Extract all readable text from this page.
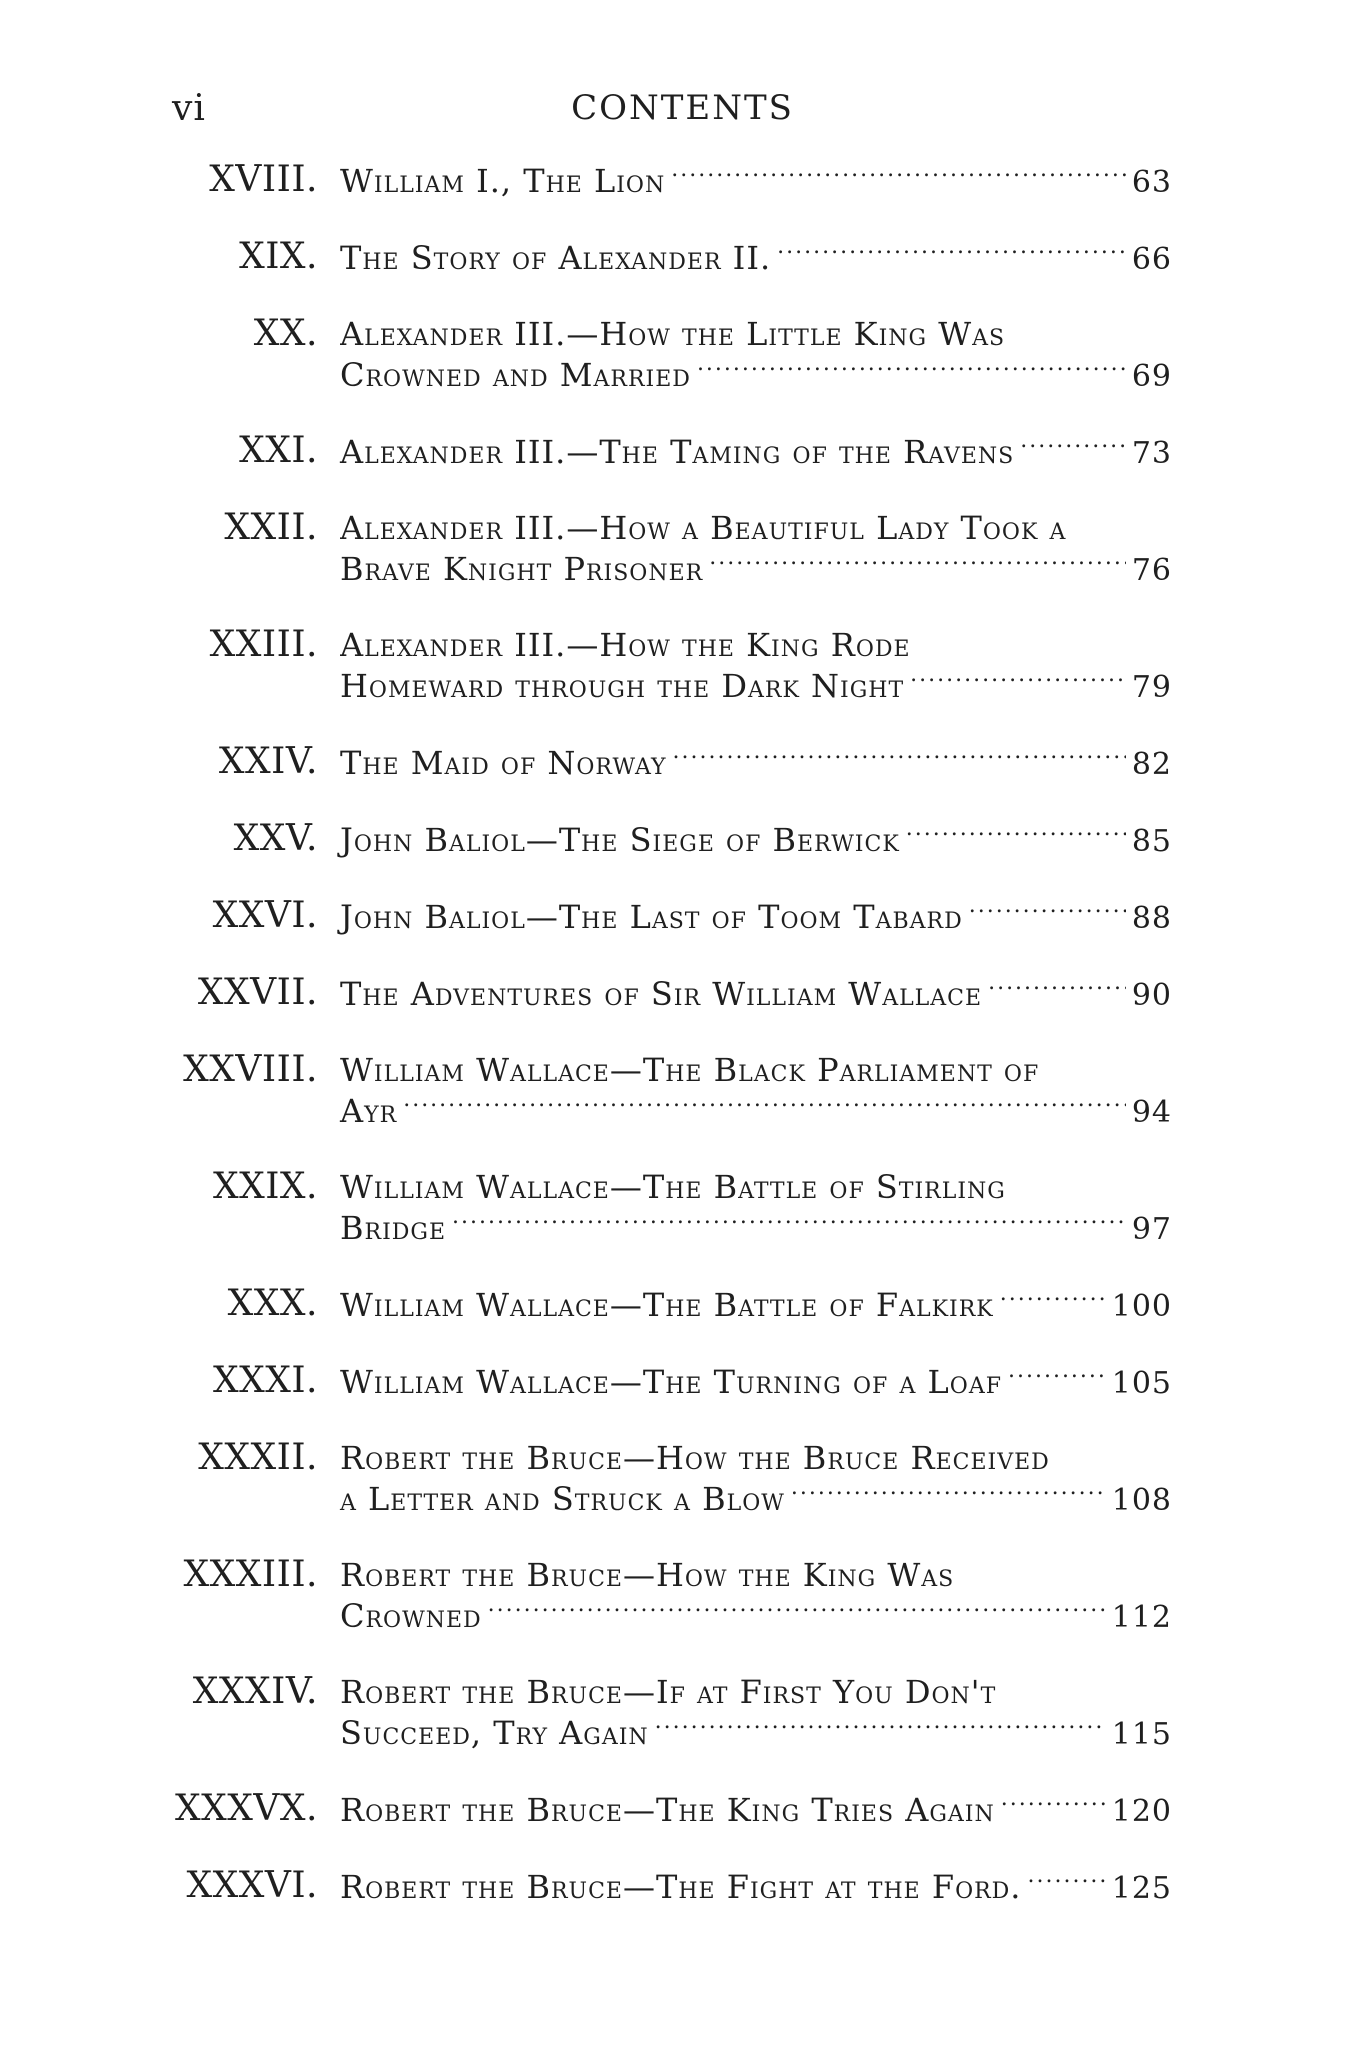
vi	CONTENTS
XVIII. William I., The Lion .....	63
XIX. The Story of Alexander II. .....	66
XX. Alexander III.—How the Little King Was
Crowned and Married .....	69
XXI. Alexander III.—The Taming of the Ravens .....	73
XXII. Alexander III.—How a Beautiful Lady Took a
Brave Knight Prisoner .....	76
XXIII. Alexander III.—How the King Rode
Homeward through the Dark Night .....	79
XXIV. The Maid of Norway .....	82
XXV. John Baliol—The Siege of Berwick .....	85
XXVI. John Baliol—The Last of Toom Tabard .....	88
XXVII. The Adventures of Sir William Wallace .....	90
XXVIII. William Wallace—The Black Parliament of
Ayr .....	94
XXIX. William Wallace—The Battle of Stirling
Bridge .....	97
XXX. William Wallace—The Battle of Falkirk .....	100
XXXI. William Wallace—The Turning of a Loaf .....	105
XXXII. Robert the Bruce—How the Bruce Received
a Letter and Struck a Blow .....	108
XXXIII. Robert the Bruce—How the King Was
Crowned .....	112
XXXIV. Robert the Bruce—If at First You Don't
Succeed, Try Again .....	115
XXXVX. Robert the Bruce—The King Tries Again .....	120
XXXVI. Robert the Bruce—The Fight at the Ford. .....	125
